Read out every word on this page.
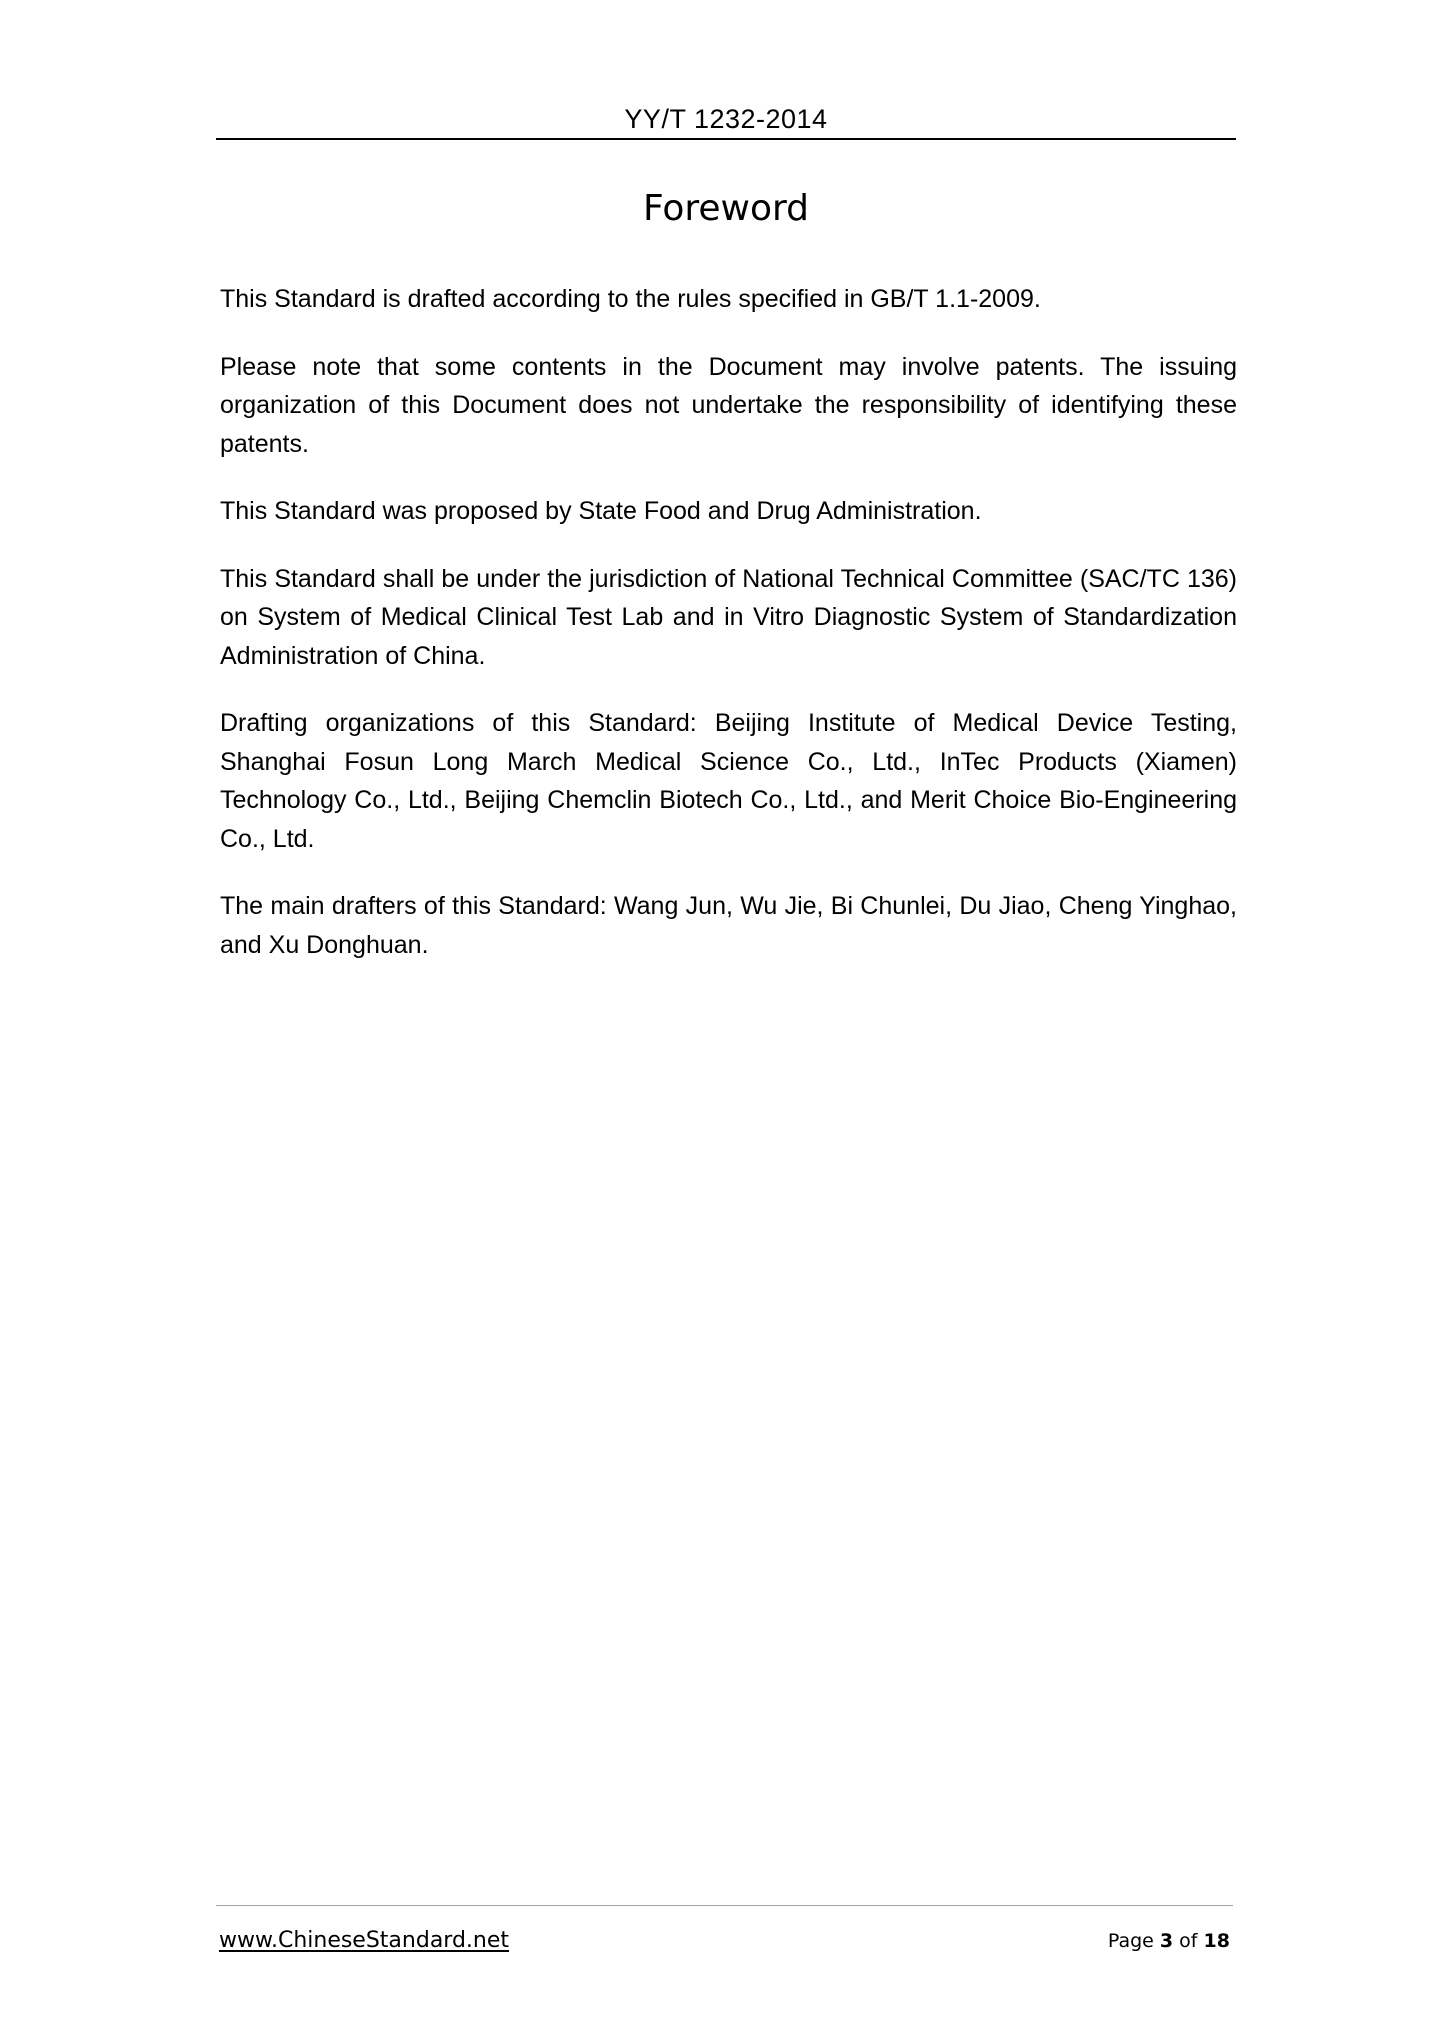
YY/T 1232-2014
Foreword

This Standard is drafted according to the rules specified in GB/T 1.1-2009.

Please note that some contents in the Document may involve patents. The issuing organization of this Document does not undertake the responsibility of identifying these patents.

This Standard was proposed by State Food and Drug Administration.

This Standard shall be under the jurisdiction of National Technical Committee (SAC/TC 136) on System of Medical Clinical Test Lab and in Vitro Diagnostic System of Standardization Administration of China.

Drafting organizations of this Standard: Beijing Institute of Medical Device Testing, Shanghai Fosun Long March Medical Science Co., Ltd., InTec Products (Xiamen) Technology Co., Ltd., Beijing Chemclin Biotech Co., Ltd., and Merit Choice Bio-Engineering Co., Ltd.

The main drafters of this Standard: Wang Jun, Wu Jie, Bi Chunlei, Du Jiao, Cheng Yinghao, and Xu Donghuan.

www.ChineseStandard.net	Page 3 of 18
